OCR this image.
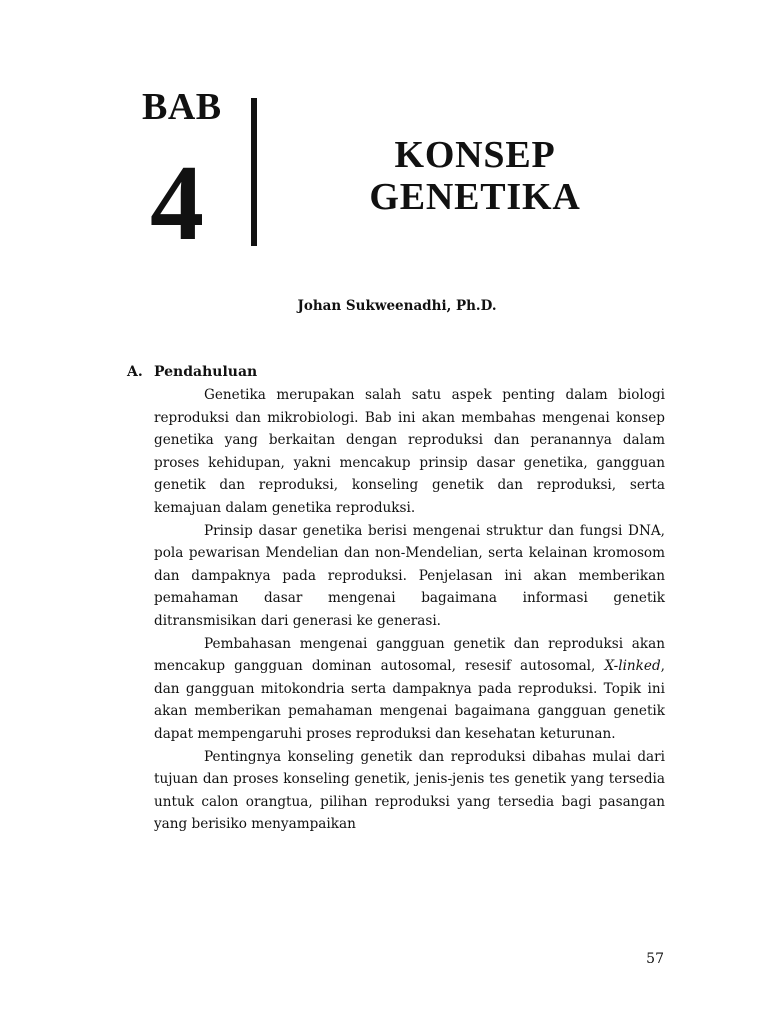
BAB
4	KONSEP
GENETIKA
Johan Sukweenadhi, Ph.D.
A. Pendahuluan

Genetika merupakan salah satu aspek penting dalam biologi reproduksi dan mikrobiologi. Bab ini akan membahas mengenai konsep genetika yang berkaitan dengan reproduksi dan peranannya dalam proses kehidupan, yakni mencakup prinsip dasar genetika, gangguan genetik dan reproduksi, konseling genetik dan reproduksi, serta kemajuan dalam genetika reproduksi.

Prinsip dasar genetika berisi mengenai struktur dan fungsi DNA, pola pewarisan Mendelian dan non-Mendelian, serta kelainan kromosom dan dampaknya pada reproduksi. Penjelasan ini akan memberikan pemahaman dasar mengenai bagaimana informasi genetik ditransmisikan dari generasi ke generasi.

Pembahasan mengenai gangguan genetik dan reproduksi akan mencakup gangguan dominan autosomal, resesif autosomal, X-linked, dan gangguan mitokondria serta dampaknya pada reproduksi. Topik ini akan memberikan pemahaman mengenai bagaimana gangguan genetik dapat mempengaruhi proses reproduksi dan kesehatan keturunan.

Pentingnya konseling genetik dan reproduksi dibahas mulai dari tujuan dan proses konseling genetik, jenis-jenis tes genetik yang tersedia untuk calon orangtua, pilihan reproduksi yang tersedia bagi pasangan yang berisiko menyampaikan

57
